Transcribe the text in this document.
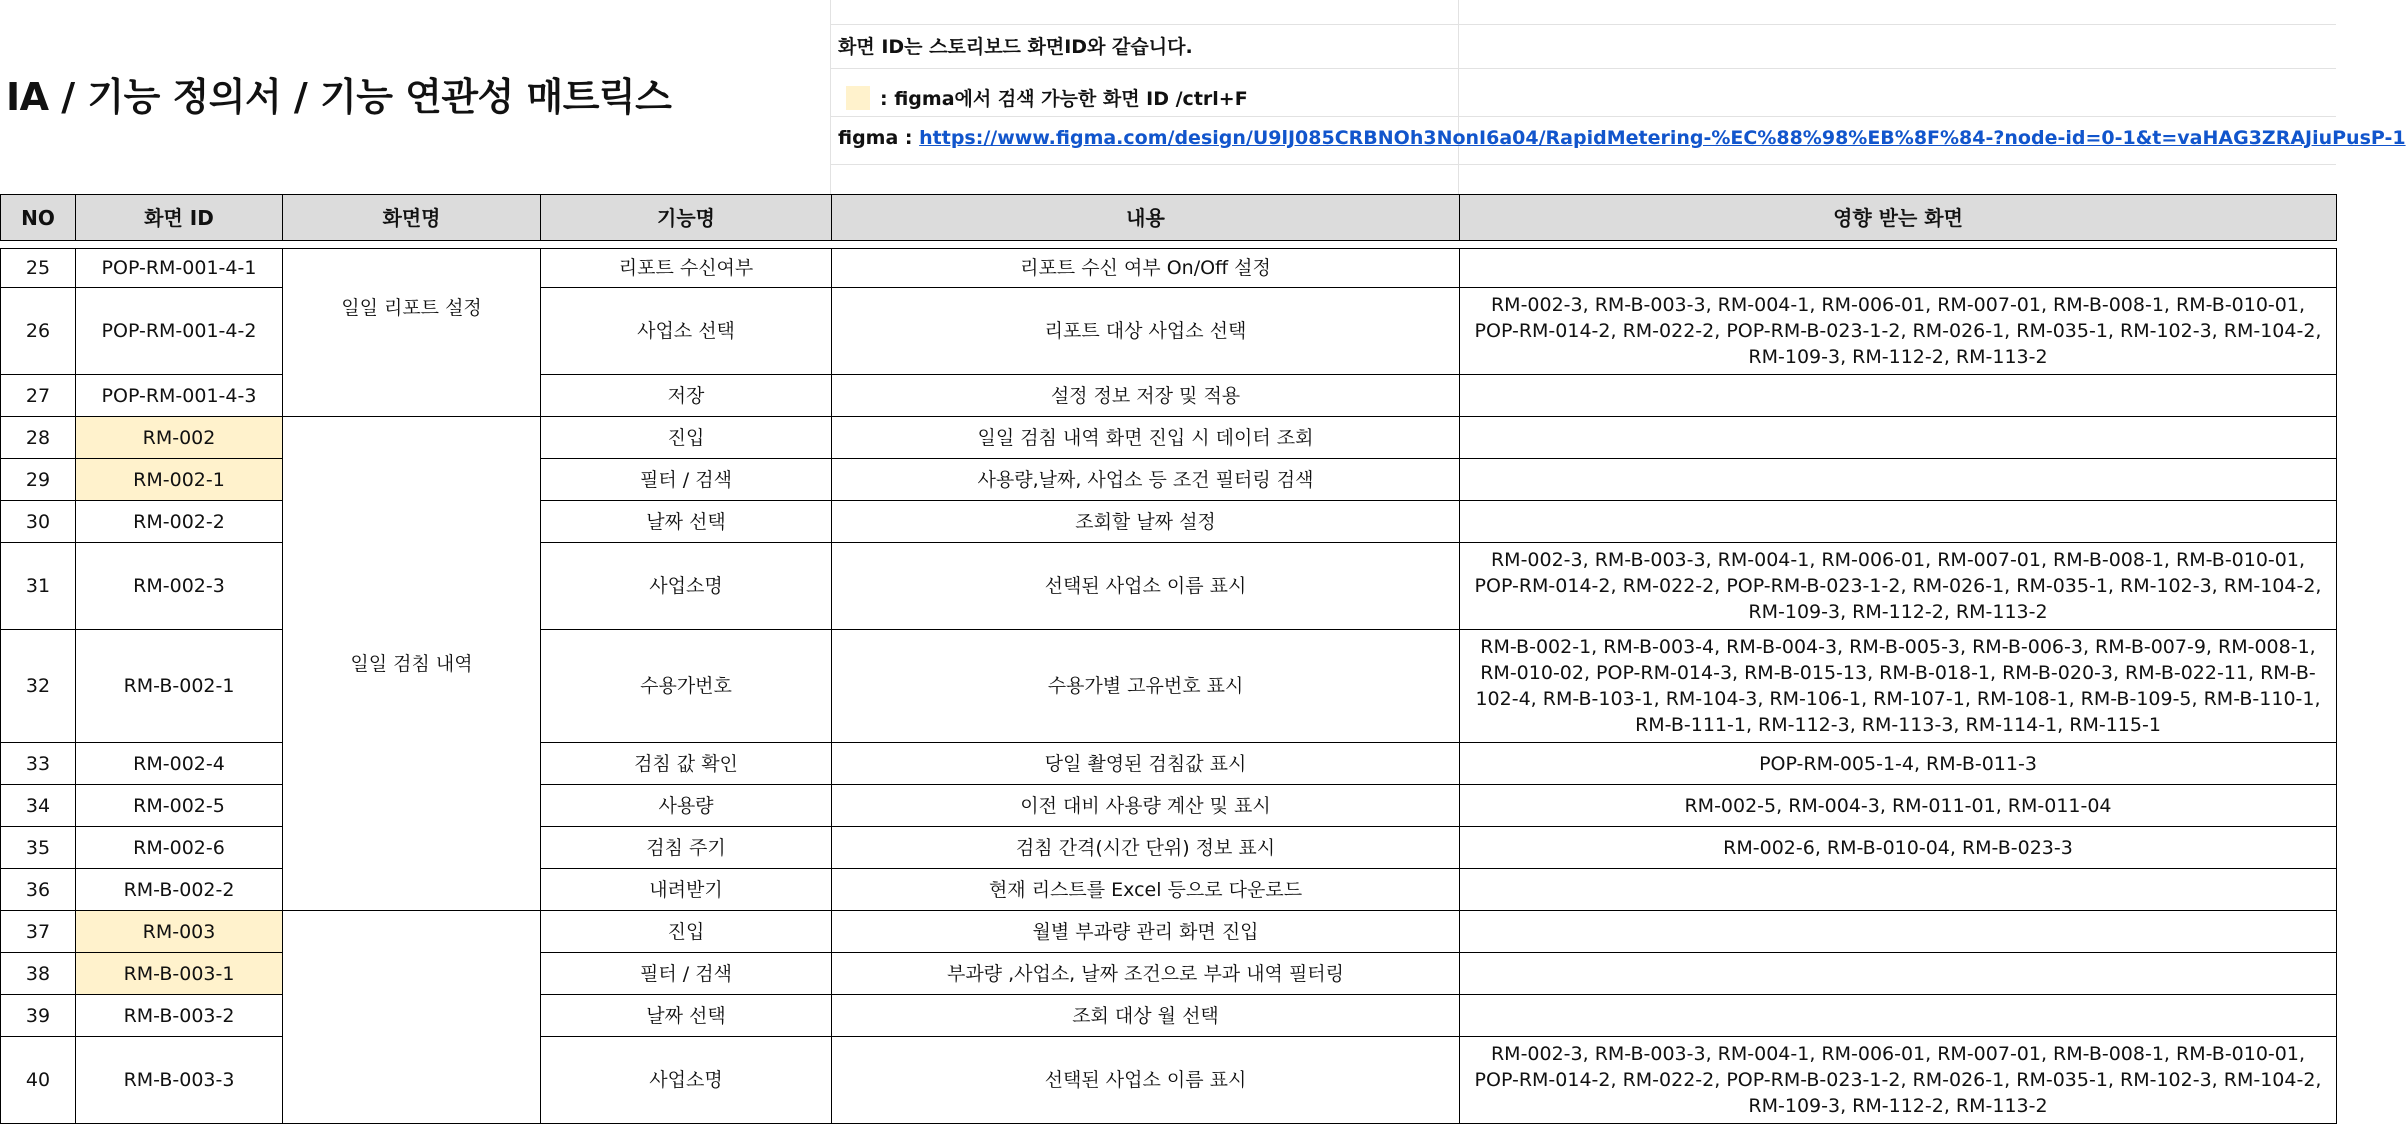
IA / 기능 정의서 / 기능 연관성 매트릭스
화면 ID는 스토리보드 화면ID와 같습니다.
: figma에서 검색 가능한 화면 ID /ctrl+F
figma : https://www.figma.com/design/U9lJ085CRBNOh3NonI6a04/RapidMetering-%EC%88%98%EB%8F%84-?node-id=0-1&t=vaHAG3ZRAJiuPusP-1
NO	화면 ID	화면명	기능명	내용	영향 받는 화면

25	POP-RM-001-4-1	일일 리포트 설정	리포트 수신여부	리포트 수신 여부 On/Off 설정	
26	POP-RM-001-4-2		사업소 선택	리포트 대상 사업소 선택	RM-002-3, RM-B-003-3, RM-004-1, RM-006-01, RM-007-01, RM-B-008-1, RM-B-010-01, POP-RM-014-2, RM-022-2, POP-RM-B-023-1-2, RM-026-1, RM-035-1, RM-102-3, RM-104-2, RM-109-3, RM-112-2, RM-113-2
27	POP-RM-001-4-3		저장	설정 정보 저장 및 적용	
28	RM-002	일일 검침 내역	진입	일일 검침 내역 화면 진입 시 데이터 조회	
29	RM-002-1		필터 / 검색	사용량,날짜, 사업소 등 조건 필터링 검색	
30	RM-002-2		날짜 선택	조회할 날짜 설정	
31	RM-002-3		사업소명	선택된 사업소 이름 표시	RM-002-3, RM-B-003-3, RM-004-1, RM-006-01, RM-007-01, RM-B-008-1, RM-B-010-01, POP-RM-014-2, RM-022-2, POP-RM-B-023-1-2, RM-026-1, RM-035-1, RM-102-3, RM-104-2, RM-109-3, RM-112-2, RM-113-2
32	RM-B-002-1		수용가번호	수용가별 고유번호 표시	RM-B-002-1, RM-B-003-4, RM-B-004-3, RM-B-005-3, RM-B-006-3, RM-B-007-9, RM-008-1, RM-010-02, POP-RM-014-3, RM-B-015-13, RM-B-018-1, RM-B-020-3, RM-B-022-11, RM-B-102-4, RM-B-103-1, RM-104-3, RM-106-1, RM-107-1, RM-108-1, RM-B-109-5, RM-B-110-1, RM-B-111-1, RM-112-3, RM-113-3, RM-114-1, RM-115-1
33	RM-002-4		검침 값 확인	당일 촬영된 검침값 표시	POP-RM-005-1-4, RM-B-011-3
34	RM-002-5		사용량	이전 대비 사용량 계산 및 표시	RM-002-5, RM-004-3, RM-011-01, RM-011-04
35	RM-002-6		검침 주기	검침 간격(시간 단위) 정보 표시	RM-002-6, RM-B-010-04, RM-B-023-3
36	RM-B-002-2		내려받기	현재 리스트를 Excel 등으로 다운로드	
37	RM-003		진입	월별 부과량 관리 화면 진입	
38	RM-B-003-1		필터 / 검색	부과량 ,사업소, 날짜 조건으로 부과 내역 필터링	
39	RM-B-003-2		날짜 선택	조회 대상 월 선택	
40	RM-B-003-3		사업소명	선택된 사업소 이름 표시	RM-002-3, RM-B-003-3, RM-004-1, RM-006-01, RM-007-01, RM-B-008-1, RM-B-010-01, POP-RM-014-2, RM-022-2, POP-RM-B-023-1-2, RM-026-1, RM-035-1, RM-102-3, RM-104-2, RM-109-3, RM-112-2, RM-113-2
